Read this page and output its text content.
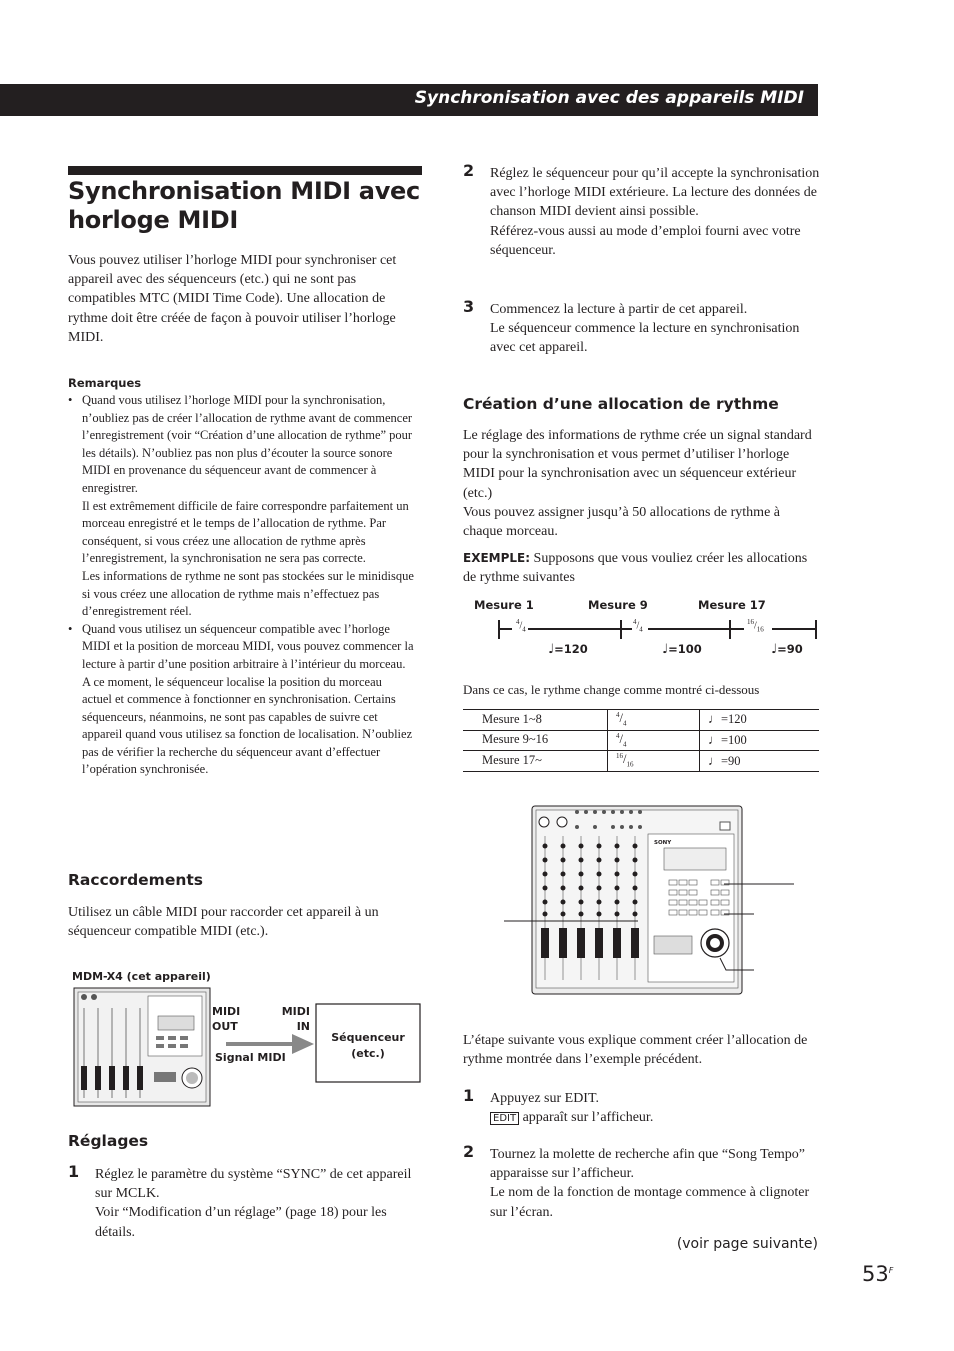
Synchronisation avec des appareils MIDI
Synchronisation MIDI avec
horloge MIDI

Vous pouvez utiliser l’horloge MIDI pour synchroniser cet appareil avec des séquenceurs (etc.) qui ne sont pas compatibles MTC (MIDI Time Code). Une allocation de rythme doit être créée de façon à pouvoir utiliser l’horloge MIDI.

Remarques

• Quand vous utilisez l’horloge MIDI pour la synchronisation, n’oubliez pas de créer l’allocation de rythme avant de commencer l’enregistrement (voir “Création d’une allocation de rythme” pour les détails). N’oubliez pas non plus d’écouter la source sonore MIDI en provenance du séquenceur avant de commencer à enregistrer.

Il est extrêmement difficile de faire correspondre parfaitement un morceau enregistré et le temps de l’allocation de rythme. Par conséquent, si vous créez une allocation de rythme après l’enregistrement, la synchronisation ne sera pas correcte.

Les informations de rythme ne sont pas stockées sur le minidisque si vous créez une allocation de rythme mais n’effectuez pas d’enregistrement réel.

• Quand vous utilisez un séquenceur compatible avec l’horloge MIDI et la position de morceau MIDI, vous pouvez commencer la lecture à partir d’une position arbitraire à l’intérieur du morceau. A ce moment, le séquenceur localise la position du morceau actuel et commence à fonctionner en synchronisation. Certains séquenceurs, néanmoins, ne sont pas capables de suivre cet appareil quand vous utilisez sa fonction de localisation. N’oubliez pas de vérifier la recherche du séquenceur avant d’effectuer l’opération synchronisée.

Raccordements

Utilisez un câble MIDI pour raccorder cet appareil à un séquenceur compatible MIDI (etc.).

MDM-X4 (cet appareil)
MIDI
OUT
MIDI
IN
Signal MIDI
Séquenceur
(etc.)
Réglages
1 Réglez le paramètre du système “SYNC” de cet appareil sur MCLK.

Voir “Modification d’un réglage” (page 18) pour les détails.

2 Réglez le séquenceur pour qu’il accepte la synchronisation avec l’horloge MIDI extérieure. La lecture des données de chanson MIDI devient ainsi possible.

Référez-vous aussi au mode d’emploi fourni avec votre séquenceur.

3 Commencez la lecture à partir de cet appareil.

Le séquenceur commence la lecture en synchronisation avec cet appareil.

Création d’une allocation de rythme

Le réglage des informations de rythme crée un signal standard pour la synchronisation et vous permet d’utiliser l’horloge MIDI pour la synchronisation avec un séquenceur extérieur (etc.)

Vous pouvez assigner jusqu’à 50 allocations de rythme à chaque morceau.

EXEMPLE: Supposons que vous vouliez créer les allocations de rythme suivantes
Mesure 1	Mesure 9	Mesure 17
$^4/_4$
$^4/_4$
$^{16}/_{16}$
♩=120	♩=100	♩=90

Dans ce cas, le rythme change comme montré ci-dessous

Mesure 1~8	$^4/_4$	♩=120
Mesure 9~16	$^4/_4$	♩=100
Mesure 17~	$^{16}/_{16}$	♩=90
SONY

L’étape suivante vous explique comment créer l’allocation de rythme montrée dans l’exemple précédent.

1 Appuyez sur EDIT.

EDIT apparaît sur l’afficheur.

2 Tournez la molette de recherche afin que “Song Tempo” apparaisse sur l’afficheur.

Le nom de la fonction de montage commence à clignoter sur l’écran.

(voir page suivante)
$53^F$
